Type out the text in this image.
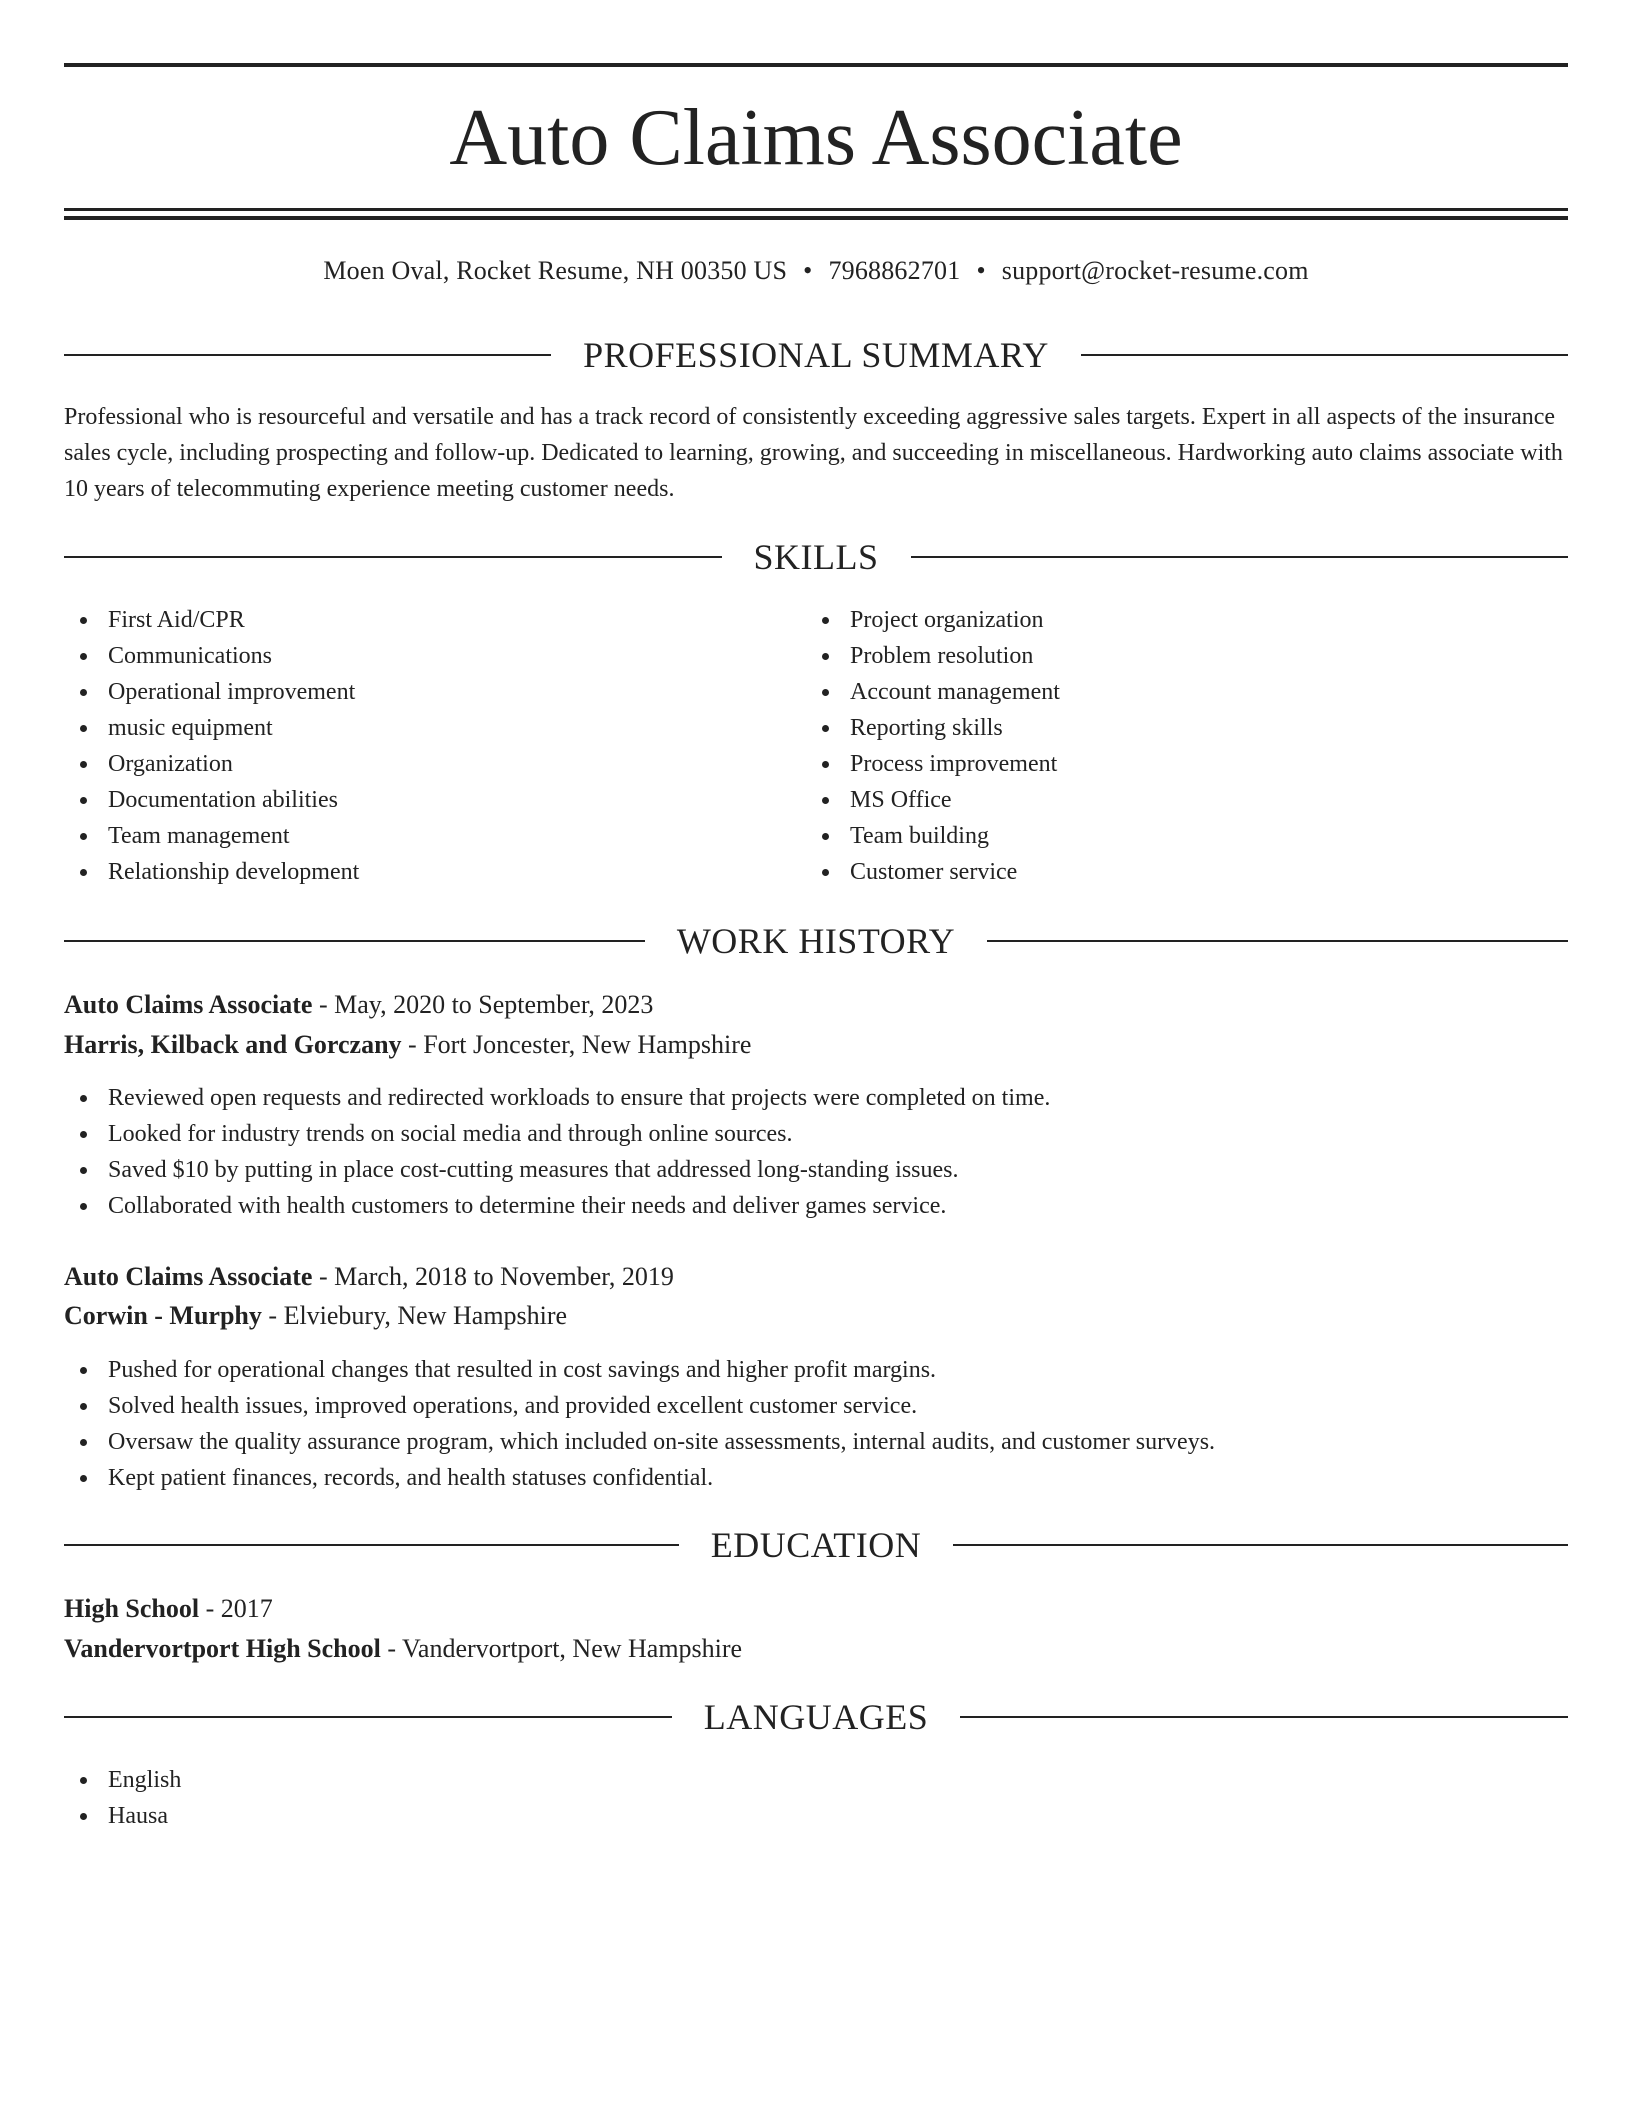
Auto Claims Associate
Moen Oval, Rocket Resume, NH 00350 US • 7968862701 • support@rocket-resume.com
PROFESSIONAL SUMMARY

Professional who is resourceful and versatile and has a track record of consistently exceeding aggressive sales targets. Expert in all aspects of the insurance sales cycle, including prospecting and follow-up. Dedicated to learning, growing, and succeeding in miscellaneous. Hardworking auto claims associate with 10 years of telecommuting experience meeting customer needs.

SKILLS
First Aid/CPR
Communications
Operational improvement
music equipment
Organization
Documentation abilities
Team management
Relationship development
Project organization
Problem resolution
Account management
Reporting skills
Process improvement
MS Office
Team building
Customer service
WORK HISTORY
Auto Claims Associate - May, 2020 to September, 2023
Harris, Kilback and Gorczany - Fort Joncester, New Hampshire
Reviewed open requests and redirected workloads to ensure that projects were completed on time.
Looked for industry trends on social media and through online sources.
Saved $10 by putting in place cost-cutting measures that addressed long-standing issues.
Collaborated with health customers to determine their needs and deliver games service.
Auto Claims Associate - March, 2018 to November, 2019
Corwin - Murphy - Elviebury, New Hampshire
Pushed for operational changes that resulted in cost savings and higher profit margins.
Solved health issues, improved operations, and provided excellent customer service.
Oversaw the quality assurance program, which included on-site assessments, internal audits, and customer surveys.
Kept patient finances, records, and health statuses confidential.
EDUCATION
High School - 2017
Vandervortport High School - Vandervortport, New Hampshire
LANGUAGES
English
Hausa
